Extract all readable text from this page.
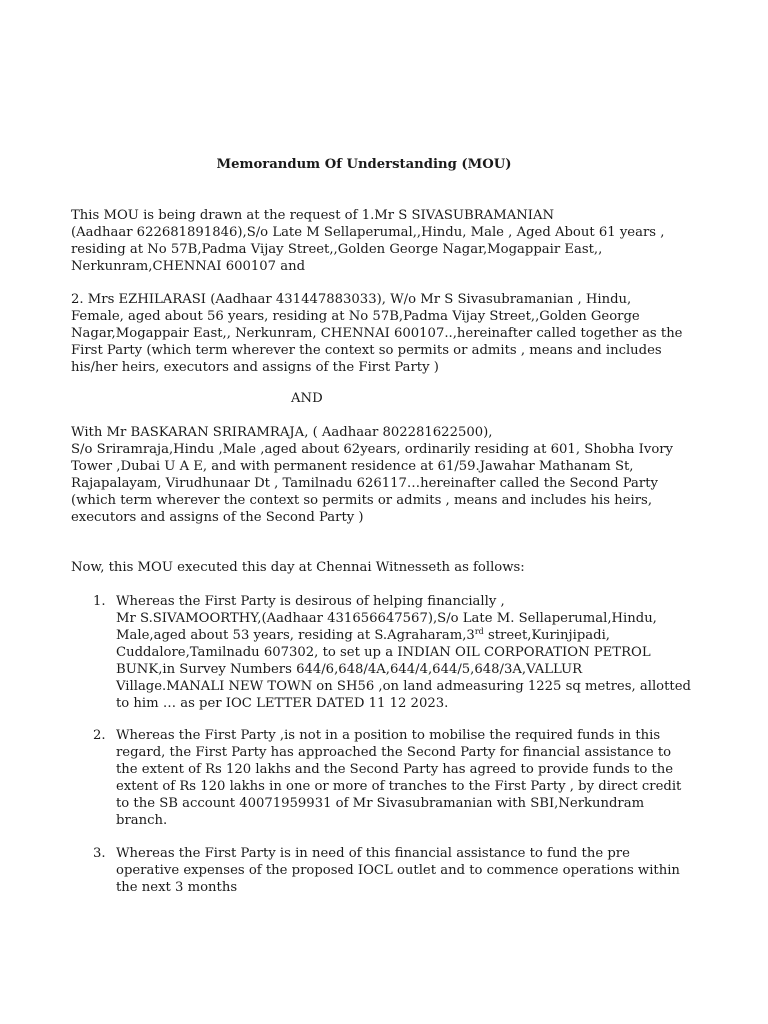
Memorandum Of Understanding (MOU)
This MOU is being drawn at the request of 1.Mr S SIVASUBRAMANIAN
(Aadhaar 622681891846),S/o Late M Sellaperumal,,Hindu, Male , Aged About 61 years ,
residing at No 57B,Padma Vijay Street,,Golden George Nagar,Mogappair East,,
Nerkunram,CHENNAI 600107 and
2. Mrs EZHILARASI (Aadhaar 431447883033), W/o Mr S Sivasubramanian , Hindu,
Female, aged about 56 years, residing at No 57B,Padma Vijay Street,,Golden George
Nagar,Mogappair East,, Nerkunram, CHENNAI 600107..,hereinafter called together as the
First Party (which term wherever the context so permits or admits , means and includes
his/her heirs, executors and assigns of the First Party )
AND
With Mr BASKARAN SRIRAMRAJA, ( Aadhaar 802281622500),
S/o Sriramraja,Hindu ,Male ,aged about 62years, ordinarily residing at 601, Shobha Ivory
Tower ,Dubai U A E, and with permanent residence at 61/59.Jawahar Mathanam St,
Rajapalayam, Virudhunaar Dt , Tamilnadu 626117…hereinafter called the Second Party
(which term wherever the context so permits or admits , means and includes his heirs,
executors and assigns of the Second Party )
Now, this MOU executed this day at Chennai Witnesseth as follows:
1. Whereas the First Party is desirous of helping financially ,
Mr S.SIVAMOORTHY,(Aadhaar 431656647567),S/o Late M. Sellaperumal,Hindu,
Male,aged about 53 years, residing at S.Agraharam,3rd street,Kurinjipadi,
Cuddalore,Tamilnadu 607302, to set up a INDIAN OIL CORPORATION PETROL
BUNK,in Survey Numbers 644/6,648/4A,644/4,644/5,648/3A,VALLUR
Village.MANALI NEW TOWN on SH56 ,on land admeasuring 1225 sq metres, allotted
to him … as per IOC LETTER DATED 11 12 2023.
2. Whereas the First Party ,is not in a position to mobilise the required funds in this
regard, the First Party has approached the Second Party for financial assistance to
the extent of Rs 120 lakhs and the Second Party has agreed to provide funds to the
extent of Rs 120 lakhs in one or more of tranches to the First Party , by direct credit
to the SB account 40071959931 of Mr Sivasubramanian with SBI,Nerkundram
branch.
3. Whereas the First Party is in need of this financial assistance to fund the pre
operative expenses of the proposed IOCL outlet and to commence operations within
the next 3 months
